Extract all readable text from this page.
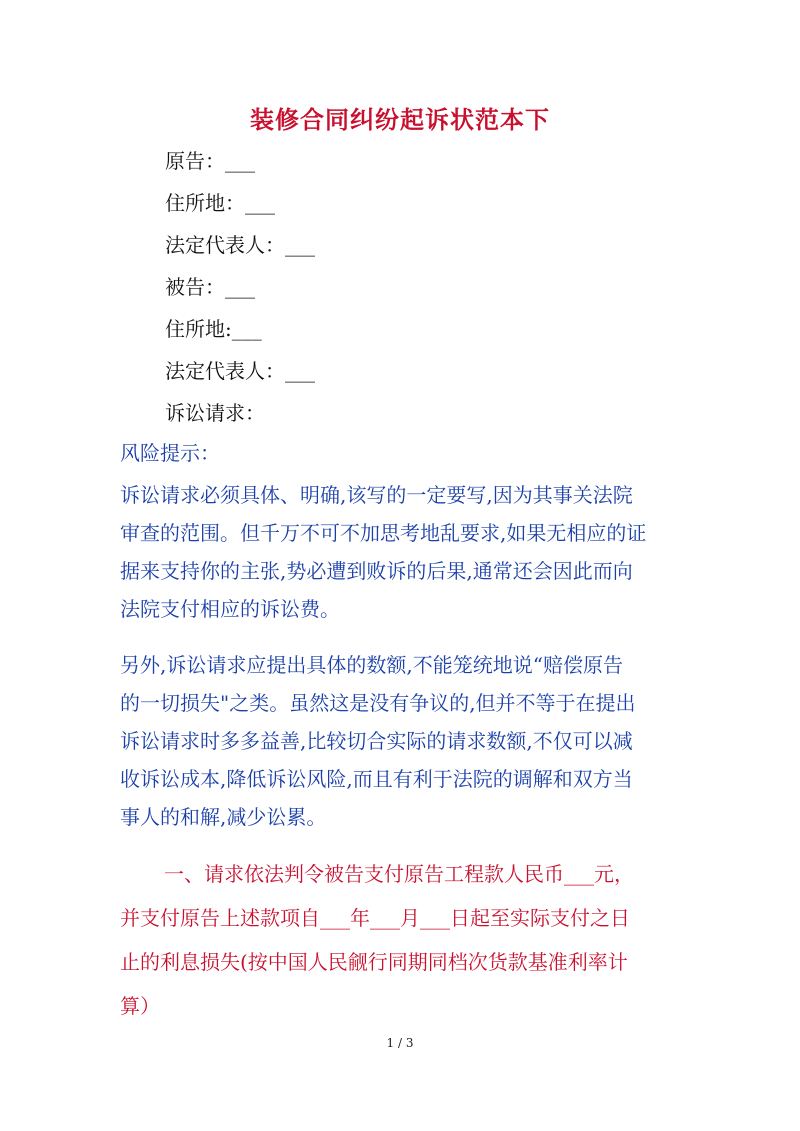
装修合同纠纷起诉状范本下
原告：___
住所地：___
法定代表人：___
被告：___
住所地:___
法定代表人：___
诉讼请求：
风险提示：
诉讼请求必须具体、明确,该写的一定要写,因为其事关法院
审查的范围。但千万不可不加思考地乱要求,如果无相应的证
据来支持你的主张,势必遭到败诉的后果,通常还会因此而向
法院支付相应的诉讼费。
另外,诉讼请求应提出具体的数额,不能笼统地说“赔偿原告
的一切损失"之类。虽然这是没有争议的,但并不等于在提出
诉讼请求时多多益善,比较切合实际的请求数额,不仅可以减
收诉讼成本,降低诉讼风险,而且有利于法院的调解和双方当
事人的和解,减少讼累。
一、请求依法判令被告支付原告工程款人民币___元，
并支付原告上述款项自___年___月___日起至实际支付之日
止的利息损失(按中国人民觎行同期同档次货款基准利率计
算）
1 / 3
